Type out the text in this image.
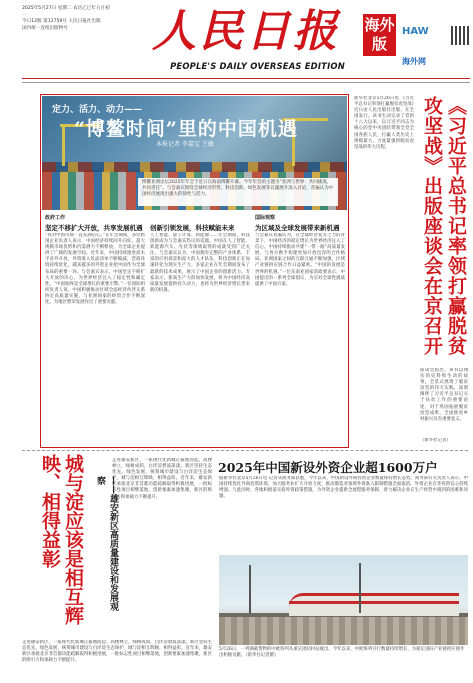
2025年5月27日 星期二 农历乙巳年五月初一
今日12版 第12759号 人民日报社出版
国内统一连续出版物号	人民日报 海外版
PEOPLE'S DAILY OVERSEAS EDITION
HAW
海外网
定力、活力、动力——
“博鳌时间”里的中国机遇
本报记者 李嘉宝 王敏
博鳌亚洲论坛2025年年会于近日在海南博鳌开幕。今年年会的主题为“亚洲与世界：共同挑战，共同责任”。与会嘉宾围绕全球经济形势、科技创新、绿色发展等议题展开深入讨论，普遍认为中国经济展现出强大的韧性与活力。
政府工作
坚定不移扩大开放，共享发展机遇
“我对中国市场一直充满信心。”在年会期间，多位跨国企业负责人表示，中国经济持续回升向好，超大规模市场优势和内需潜力不断释放，为全球企业提供了广阔的发展空间。近年来，中国持续推进高水平对外开放，外资准入负面清单不断缩减，营商环境持续优化，越来越多的外资企业把中国作为全球布局的重要一环。与会嘉宾表示，中国坚定不移扩大开放的决心，为世界经济注入了稳定性和确定性。“中国始终是全球增长的重要引擎。”一位国际组织负责人说。中国积极推动区域全面经济伙伴关系协定高质量实施，与亚洲国家的经贸合作不断深化，为地区繁荣发展作出了重要贡献。
创新引领发展，科技赋能未来
人工智能、量子计算、新能源……年会期间，科技创新成为与会嘉宾热议的话题。中国在人工智能、新能源汽车、光伏等领域取得的成就受到广泛关注。与会嘉宾认为，中国拥有完整的产业体系、丰富的应用场景和庞大的人才队伍，科技创新正在加速转化为现实生产力。多家企业在年会期间发布了最新的技术成果，展示了中国企业的创新活力。专家表示，新质生产力的加快发展，将为中国经济高质量发展提供持久动力，也将为世界经济增长带来新的机遇。
国际观察
为区域及全球发展带来新机遇
与会嘉宾普遍认为，在全球经济复苏乏力的背景下，中国经济的稳定增长为世界经济注入了信心。中国持续推动共建“一带一路”高质量发展，与各方携手构建更加开放包容的合作格局。亚洲国家之间的互联互通不断加强，区域产业链供应链合作日益紧密。“中国的发展是世界的机遇。”一位东南亚国家前政要表示，中国提出的一系列全球倡议，为应对全球性挑战提供了中国方案。
新华社北京5月26日电 《习近平总书记率领打赢脱贫攻坚战》近日由人民出版社出版，在全国发行。该书生动记录了党的十八大以来，以习近平同志为核心的党中央团结带领全党全国各族人民，打赢人类历史上规模最大、力度最强的脱贫攻坚战的伟大历程。	《习近平总书记率领打赢脱贫攻坚战》出版座谈会在京召开
座谈会指出，该书以翔实的史料和生动的故事，全景式展现了脱贫攻坚的伟大实践，深刻阐释了习近平总书记关于扶贫工作的重要论述，对于巩固拓展脱贫攻坚成果、全面推进乡村振兴具有重要意义。
（新华社记者）
城与淀应该是相互辉映、相得益彰	——雄安新区高质量建设和发展观察
走进雄安新区，一座现代化新城正拔地而起。高楼林立，绿树成荫，白洋淀碧波荡漾。新区坚持生态优先、绿色发展，统筹城市建设与白洋淀生态保护，城与淀相互辉映、相得益彰。近年来，雄安新区承接北京非首都功能疏解取得积极进展，一批标志性项目相继落地，创新要素加速集聚，新区的吸引力和承载力不断提升。
走进雄安新区，一座现代化新城正拔地而起。高楼林立，绿树成荫，白洋淀碧波荡漾。新区坚持生态优先、绿色发展，统筹城市建设与白洋淀生态保护，城与淀相互辉映、相得益彰。近年来，雄安新区承接北京非首都功能疏解取得积极进展，一批标志性项目相继落地，创新要素加速集聚，新区的吸引力和承载力不断提升。
2025年中国新设外资企业超1600万户
据新华社北京5月26日电 记者从商务部获悉，今年以来，中国新设外商投资企业数量保持增长态势。商务部有关负责人表示，中国持续优化外商投资环境，加大服务业扩大开放力度，推动制造业领域外资准入限制措施全面取消，外资企业在华投资信心持续增强。与此同时，各地积极落实稳外资政策措施，为外资企业提供全流程服务保障，着力解决企业在生产经营中遇到的困难和问题。
5月26日，一列满载货物的中欧班列从重庆团结村站驶出。今年以来，中欧班列开行数量持续增长，为稳定国际产业链供应链作出积极贡献。（新华社记者摄）
